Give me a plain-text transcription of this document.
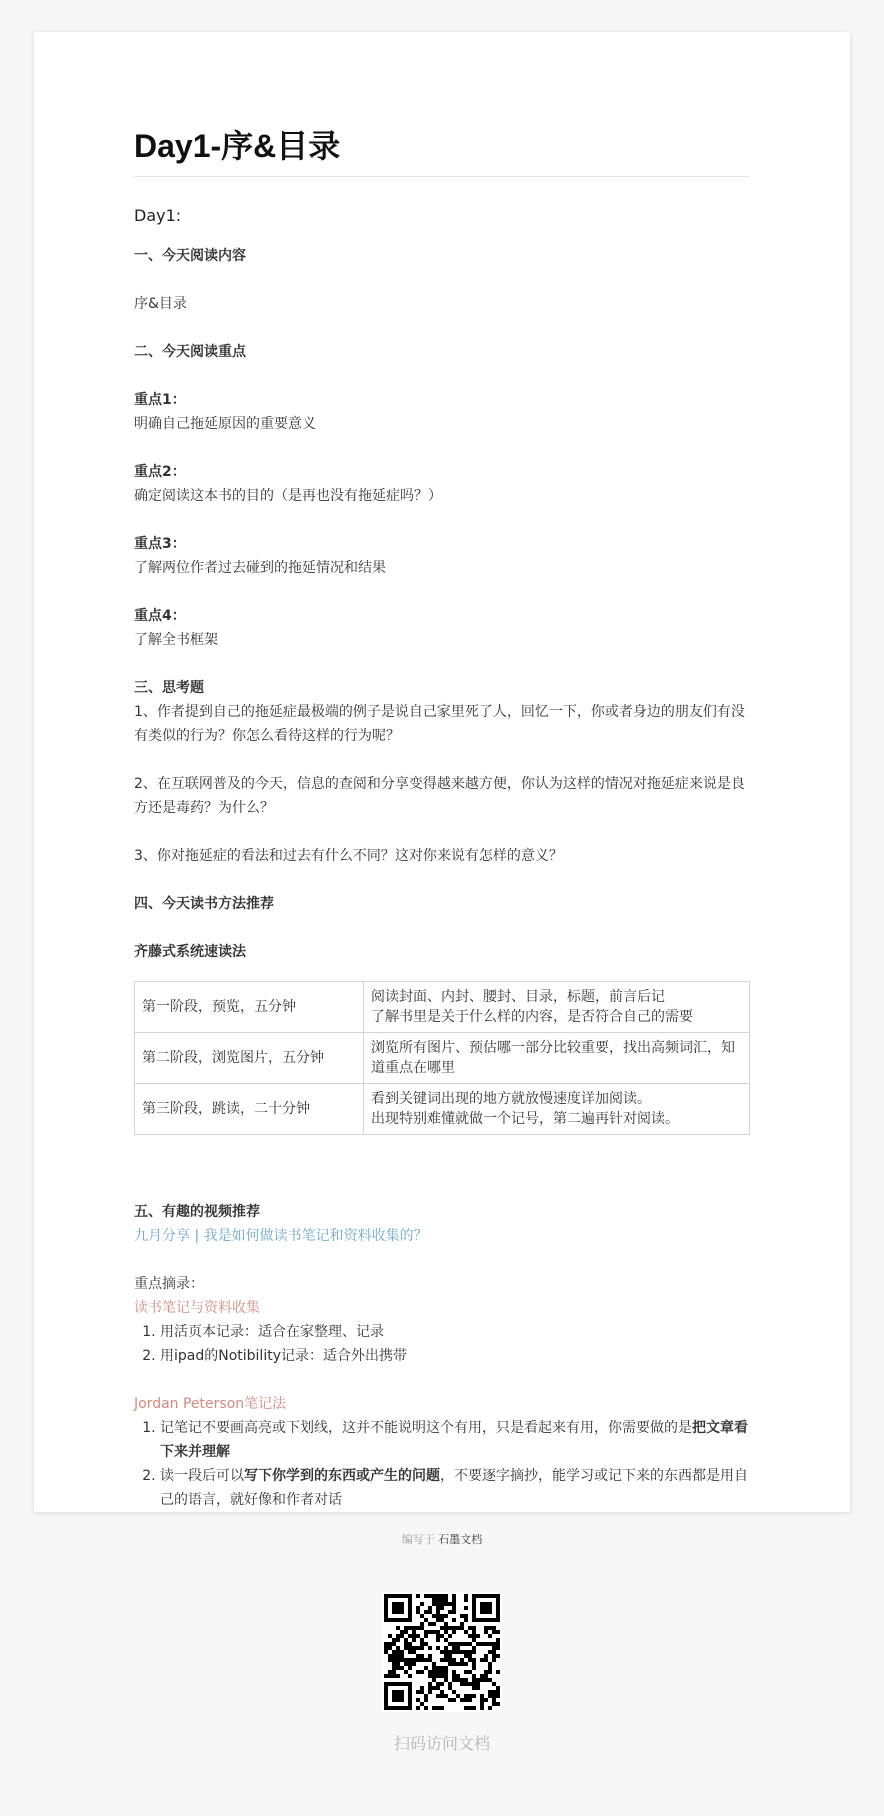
Day1-序&目录

Day1:

一、今天阅读内容

序&目录

二、今天阅读重点

重点1：

明确自己拖延原因的重要意义

重点2：

确定阅读这本书的目的（是再也没有拖延症吗？）

重点3：

了解两位作者过去碰到的拖延情况和结果

重点4：

了解全书框架

三、思考题

1、作者提到自己的拖延症最极端的例子是说自己家里死了人，回忆一下，你或者身边的朋友们有没有类似的行为？你怎么看待这样的行为呢？

2、在互联网普及的今天，信息的查阅和分享变得越来越方便，你认为这样的情况对拖延症来说是良方还是毒药？为什么？

3、你对拖延症的看法和过去有什么不同？这对你来说有怎样的意义？

四、今天读书方法推荐

齐藤式系统速读法

第一阶段，预览，五分钟	阅读封面、内封、腰封、目录，标题，前言后记
了解书里是关于什么样的内容，是否符合自己的需要

第二阶段，浏览图片，五分钟	浏览所有图片、预估哪一部分比较重要，找出高频词汇，知道重点在哪里

第三阶段，跳读，二十分钟	看到关键词出现的地方就放慢速度详加阅读。
出现特别难懂就做一个记号，第二遍再针对阅读。

五、有趣的视频推荐

九月分享 | 我是如何做读书笔记和资料收集的？

重点摘录：

读书笔记与资料收集

1. 用活页本记录：适合在家整理、记录
2. 用ipad的Notibility记录：适合外出携带

Jordan Peterson笔记法

1. 记笔记不要画高亮或下划线，这并不能说明这个有用，只是看起来有用，你需要做的是把文章看下来并理解
2. 读一段后可以写下你学到的东西或产生的问题，不要逐字摘抄，能学习或记下来的东西都是用自己的语言，就好像和作者对话
编写于 石墨文档
扫码访问文档
